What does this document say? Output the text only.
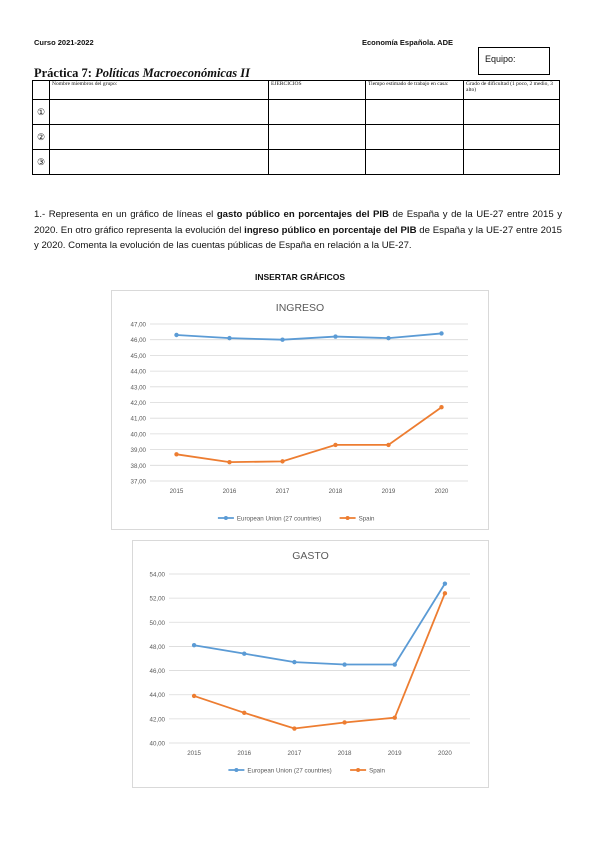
Curso 2021-2022	Economía Española. ADE
Equipo:
Práctica 7: Políticas Macroeconómicas II
	Nombre miembros del grupo:	EJERCICIOS	Tiempo estimado de trabajo en casa:	Grado de dificultad (1 poco, 2 medio, 3 alto)
①				
②				
③				
1.- Representa en un gráfico de líneas el gasto público en porcentajes del PIB de España y de la UE-27 entre 2015 y 2020. En otro gráfico representa la evolución del ingreso público en porcentaje del PIB de España y la UE-27 entre 2015 y 2020. Comenta la evolución de las cuentas públicas de España en relación a la UE-27.
INSERTAR GRÁFICOS
INGRESO
37,00
38,00
39,00
40,00
41,00
42,00
43,00
44,00
45,00
46,00
47,00
2015	2016	2017	2018	2019	2020
European Union (27 countries)	Spain
GASTO
40,00
42,00
44,00
46,00
48,00
50,00
52,00
54,00
2015	2016	2017	2018	2019	2020
European Union (27 countries)	Spain
